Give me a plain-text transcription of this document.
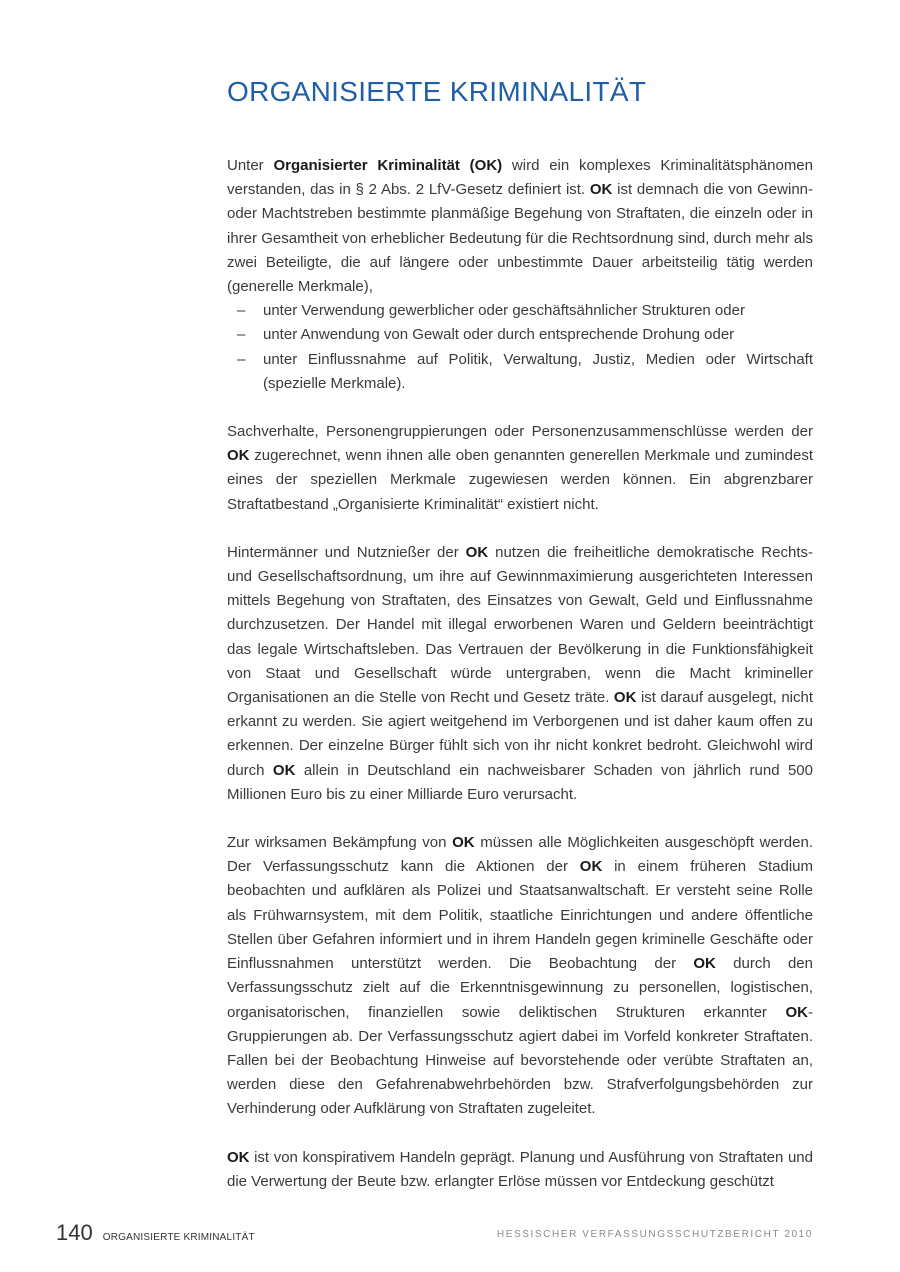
ORGANISIERTE KRIMINALITÄT

Unter Organisierter Kriminalität (OK) wird ein komplexes Kriminalitätsphänomen verstanden, das in § 2 Abs. 2 LfV-Gesetz definiert ist. OK ist demnach die von Gewinn- oder Machtstreben bestimmte planmäßige Begehung von Straftaten, die einzeln oder in ihrer Gesamtheit von erheblicher Bedeutung für die Rechtsordnung sind, durch mehr als zwei Beteiligte, die auf längere oder unbestimmte Dauer arbeitsteilig tätig werden (generelle Merkmale),

– unter Verwendung gewerblicher oder geschäftsähnlicher Strukturen oder
– unter Anwendung von Gewalt oder durch entsprechende Drohung oder
– unter Einflussnahme auf Politik, Verwaltung, Justiz, Medien oder Wirtschaft (spezielle Merkmale).

Sachverhalte, Personengruppierungen oder Personenzusammenschlüsse werden der OK zugerechnet, wenn ihnen alle oben genannten generellen Merkmale und zumindest eines der speziellen Merkmale zugewiesen werden können. Ein abgrenzbarer Straftatbestand „Organisierte Kriminalität“ existiert nicht.

Hintermänner und Nutznießer der OK nutzen die freiheitliche demokratische Rechts- und Gesellschaftsordnung, um ihre auf Gewinnmaximierung ausgerichteten Interessen mittels Begehung von Straftaten, des Einsatzes von Gewalt, Geld und Einflussnahme durchzusetzen. Der Handel mit illegal erworbenen Waren und Geldern beeinträchtigt das legale Wirtschaftsleben. Das Vertrauen der Bevölkerung in die Funktionsfähigkeit von Staat und Gesellschaft würde untergraben, wenn die Macht krimineller Organisationen an die Stelle von Recht und Gesetz träte. OK ist darauf ausgelegt, nicht erkannt zu werden. Sie agiert weitgehend im Verborgenen und ist daher kaum offen zu erkennen. Der einzelne Bürger fühlt sich von ihr nicht konkret bedroht. Gleichwohl wird durch OK allein in Deutschland ein nachweisbarer Schaden von jährlich rund 500 Millionen Euro bis zu einer Milliarde Euro verursacht.

Zur wirksamen Bekämpfung von OK müssen alle Möglichkeiten ausgeschöpft werden. Der Verfassungsschutz kann die Aktionen der OK in einem früheren Stadium beobachten und aufklären als Polizei und Staatsanwaltschaft. Er versteht seine Rolle als Frühwarnsystem, mit dem Politik, staatliche Einrichtungen und andere öffentliche Stellen über Gefahren informiert und in ihrem Handeln gegen kriminelle Geschäfte oder Einflussnahmen unterstützt werden. Die Beobachtung der OK durch den Verfassungsschutz zielt auf die Erkenntnisgewinnung zu personellen, logistischen, organisatorischen, finanziellen sowie deliktischen Strukturen erkannter OK-Gruppierungen ab. Der Verfassungsschutz agiert dabei im Vorfeld konkreter Straftaten. Fallen bei der Beobachtung Hinweise auf bevorstehende oder verübte Straftaten an, werden diese den Gefahrenabwehrbehörden bzw. Strafverfolgungsbehörden zur Verhinderung oder Aufklärung von Straftaten zugeleitet.

OK ist von konspirativem Handeln geprägt. Planung und Ausführung von Straftaten und die Verwertung der Beute bzw. erlangter Erlöse müssen vor Entdeckung geschützt

140 ORGANISIERTE KRIMINALITÄT	HESSISCHER VERFASSUNGSSCHUTZBERICHT 2010
